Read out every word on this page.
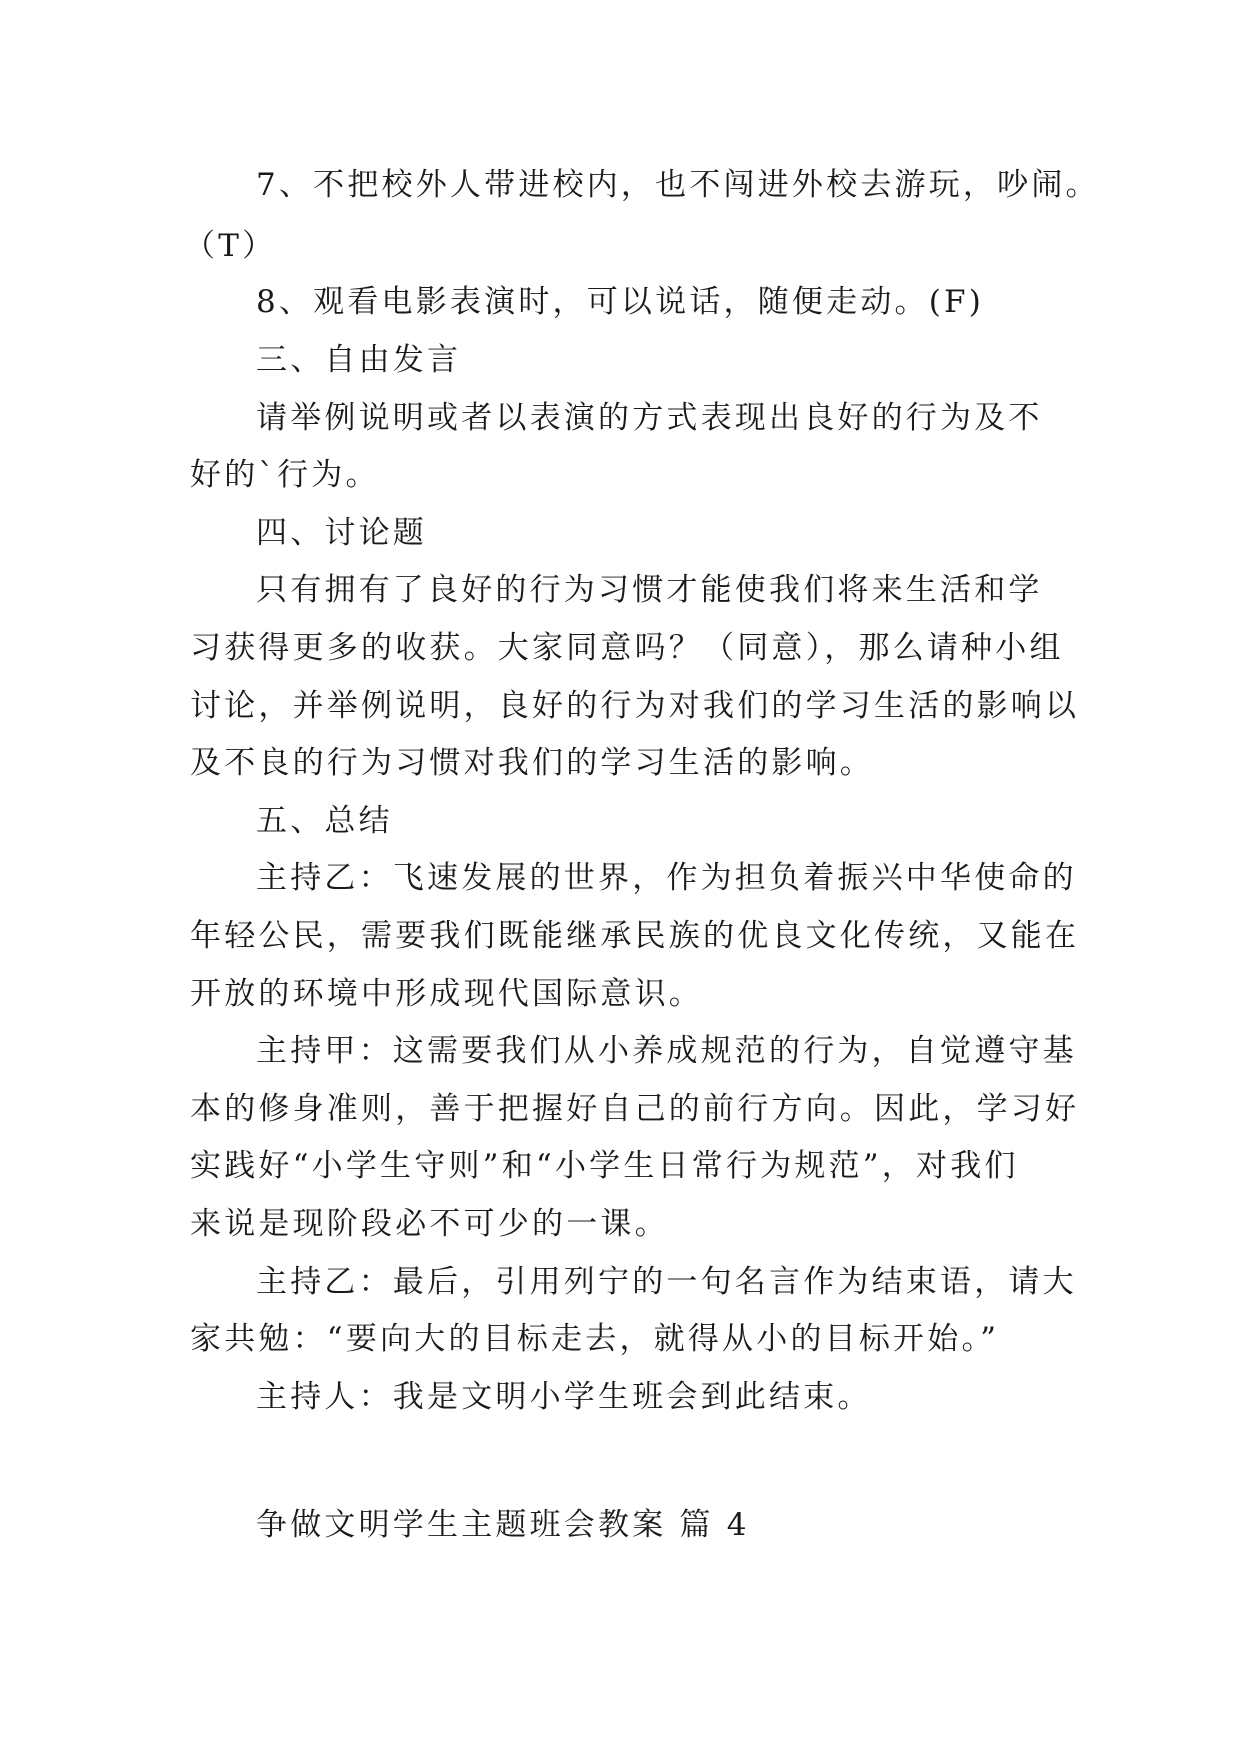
7、不把校外人带进校内，也不闯进外校去游玩，吵闹。
（T）
8、观看电影表演时，可以说话，随便走动。(F)
三、自由发言
请举例说明或者以表演的方式表现出良好的行为及不
好的`行为。
四、讨论题
只有拥有了良好的行为习惯才能使我们将来生活和学
习获得更多的收获。大家同意吗？（同意），那么请种小组
讨论，并举例说明，良好的行为对我们的学习生活的影响以
及不良的行为习惯对我们的学习生活的影响。
五、总结
主持乙：飞速发展的世界，作为担负着振兴中华使命的
年轻公民，需要我们既能继承民族的优良文化传统，又能在
开放的环境中形成现代国际意识。
主持甲：这需要我们从小养成规范的行为，自觉遵守基
本的修身准则，善于把握好自己的前行方向。因此，学习好
实践好“小学生守则”和“小学生日常行为规范”，对我们
来说是现阶段必不可少的一课。
主持乙：最后，引用列宁的一句名言作为结束语，请大
家共勉：“要向大的目标走去，就得从小的目标开始。”
主持人：我是文明小学生班会到此结束。
争做文明学生主题班会教案 篇 4
